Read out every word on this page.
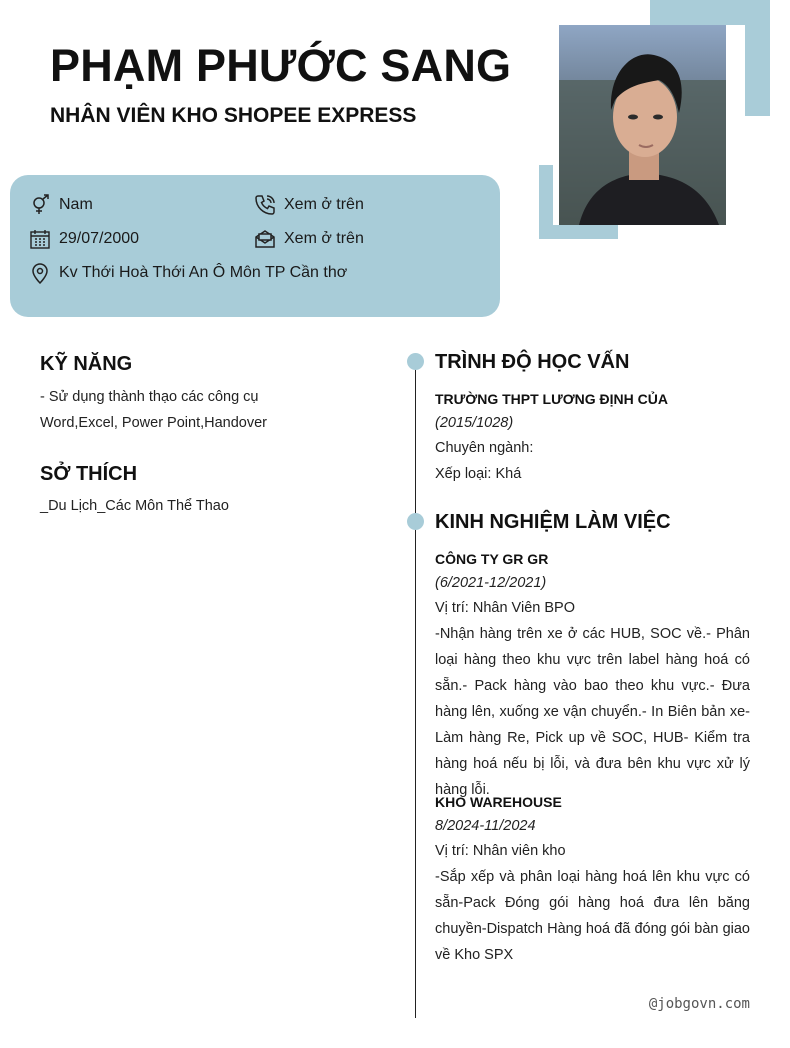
PHẠM PHƯỚC SANG
NHÂN VIÊN KHO SHOPEE EXPRESS
Nam	Xem ở trên
29/07/2000	Xem ở trên
Kv Thới Hoà Thới An Ô Môn TP Cần thơ
KỸ NĂNG
- Sử dụng thành thạo các công cụ Word,Excel, Power Point,Handover
SỞ THÍCH
_Du Lịch_Các Môn Thể Thao
TRÌNH ĐỘ HỌC VẤN
TRƯỜNG THPT LƯƠNG ĐỊNH CỦA
(2015/1028)
Chuyên ngành:
Xếp loại: Khá
KINH NGHIỆM LÀM VIỆC
CÔNG TY GR GR
(6/2021-12/2021)
Vị trí: Nhân Viên BPO
-Nhận hàng trên xe ở các HUB, SOC về.- Phân loại hàng theo khu vực trên label hàng hoá có sẵn.- Pack hàng vào bao theo khu vực.- Đưa hàng lên, xuống xe vận chuyển.- In Biên bản xe- Làm hàng Re, Pick up về SOC, HUB- Kiểm tra hàng hoá nếu bị lỗi, và đưa bên khu vực xử lý hàng lỗi.
KHO WAREHOUSE
8/2024-11/2024
Vị trí: Nhân viên kho
-Sắp xếp và phân loại hàng hoá lên khu vực có sẵn-Pack Đóng gói hàng hoá đưa lên băng chuyền-Dispatch Hàng hoá đã đóng gói bàn giao về Kho SPX
@jobgovn.com
